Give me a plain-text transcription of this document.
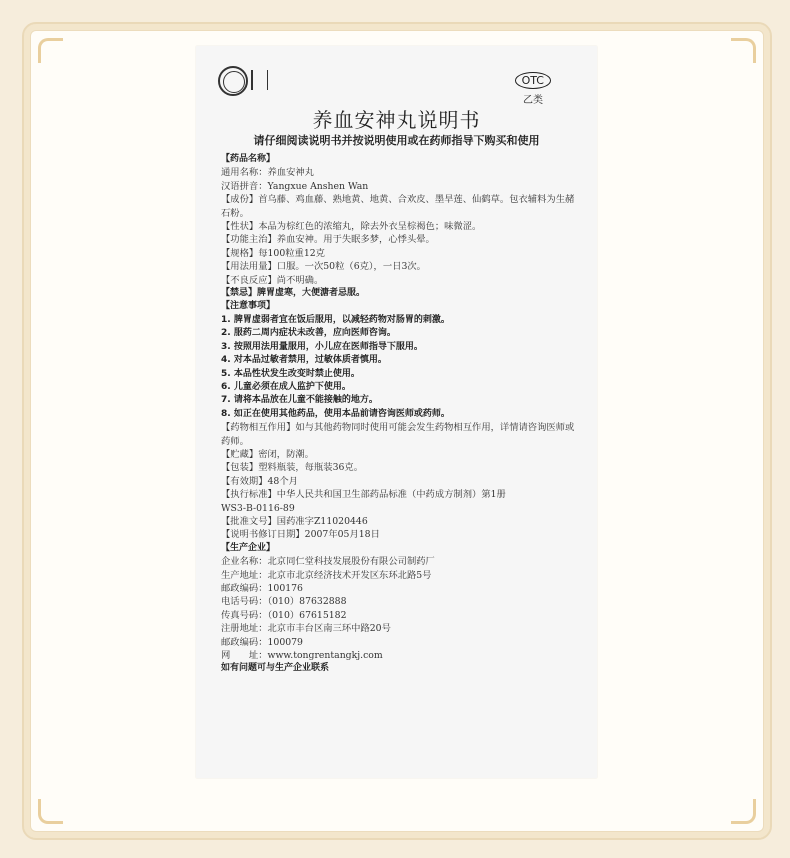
OTC
乙类
养血安神丸说明书
请仔细阅读说明书并按说明使用或在药师指导下购买和使用

【药品名称】

通用名称：养血安神丸

汉语拼音：Yangxue Anshen Wan

【成份】首乌藤、鸡血藤、熟地黄、地黄、合欢皮、墨旱莲、仙鹤草。包衣辅料为生赭石粉。

【性状】本品为棕红色的浓缩丸，除去外衣呈棕褐色；味微涩。

【功能主治】养血安神。用于失眠多梦，心悸头晕。

【规格】每100粒重12克

【用法用量】口服。一次50粒（6克），一日3次。

【不良反应】尚不明确。

【禁忌】脾胃虚寒，大便溏者忌服。

【注意事项】

1. 脾胃虚弱者宜在饭后服用，以减轻药物对肠胃的刺激。

2. 服药二周内症状未改善，应向医师咨询。

3. 按照用法用量服用，小儿应在医师指导下服用。

4. 对本品过敏者禁用，过敏体质者慎用。

5. 本品性状发生改变时禁止使用。

6. 儿童必须在成人监护下使用。

7. 请将本品放在儿童不能接触的地方。

8. 如正在使用其他药品，使用本品前请咨询医师或药师。

【药物相互作用】如与其他药物同时使用可能会发生药物相互作用，详情请咨询医师或药师。

【贮藏】密闭，防潮。

【包装】塑料瓶装，每瓶装36克。

【有效期】48个月

【执行标准】中华人民共和国卫生部药品标准（中药成方制剂）第1册

WS3-B-0116-89

【批准文号】国药准字Z11020446

【说明书修订日期】2007年05月18日

【生产企业】

企业名称：北京同仁堂科技发展股份有限公司制药厂

生产地址：北京市北京经济技术开发区东环北路5号

邮政编码：100176

电话号码：（010）87632888

传真号码：（010）67615182

注册地址：北京市丰台区南三环中路20号

邮政编码：100079

网　　址：www.tongrentangkj.com

如有问题可与生产企业联系
